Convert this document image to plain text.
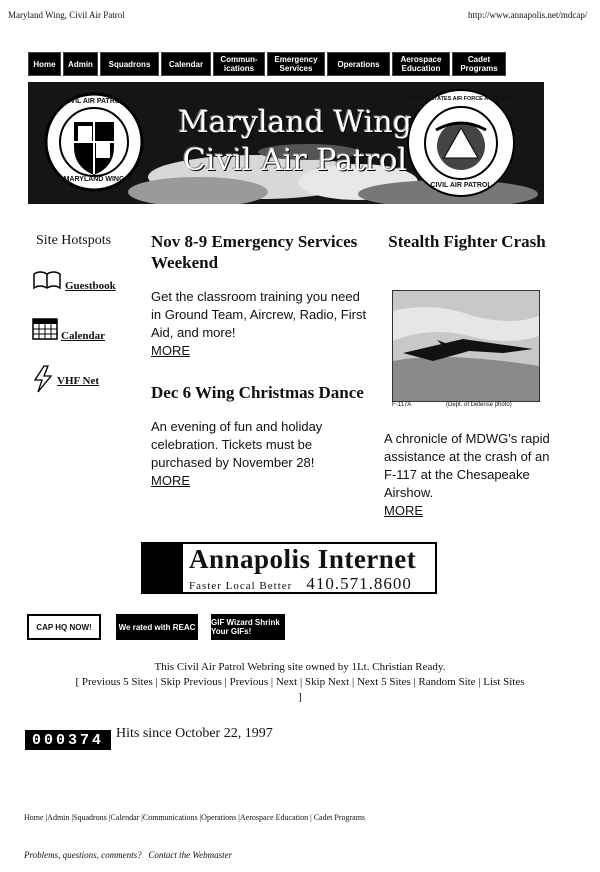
Maryland Wing, Civil Air Patrol	http://www.annapolis.net/mdcap/
Home	Admin	Squadrons	Calendar	Commun-ications
Emergency Services	Operations	Aerospace Education
Cadet Programs
CIVIL AIR PATROL
MARYLAND WING
Maryland Wing
Civil Air Patrol
UNITED STATES AIR FORCE AUXILIARY
CIVIL AIR PATROL
Site Hotspots
Guestbook
Calendar
VHF Net
Nov 8-9 Emergency Services Weekend
Get the classroom training you need in Ground Team, Aircrew, Radio, First Aid, and more!
MORE
Dec 6 Wing Christmas Dance
An evening of fun and holiday celebration. Tickets must be purchased by November 28!
MORE
Stealth Fighter Crash
F-117A	(Dept. of Defense photo)
A chronicle of MDWG's rapid assistance at the crash of an F-117 at the Chesapeake Airshow.
MORE
Annapolis Internet
Faster Local Better 410.571.8600
CAP HQ NOW!	We rated with REAC GIF Wizard Shrink Your GIFs!
This Civil Air Patrol Webring site owned by 1Lt. Christian Ready.
[ Previous 5 Sites | Skip Previous | Previous | Next | Skip Next | Next 5 Sites | Random Site | List Sites
]
000374 Hits since October 22, 1997
Home |Admin |Squadrons |Calendar |Communications |Operations |Aerospace Education | Cadet Programs
Problems, questions, comments? Contact the Webmaster
